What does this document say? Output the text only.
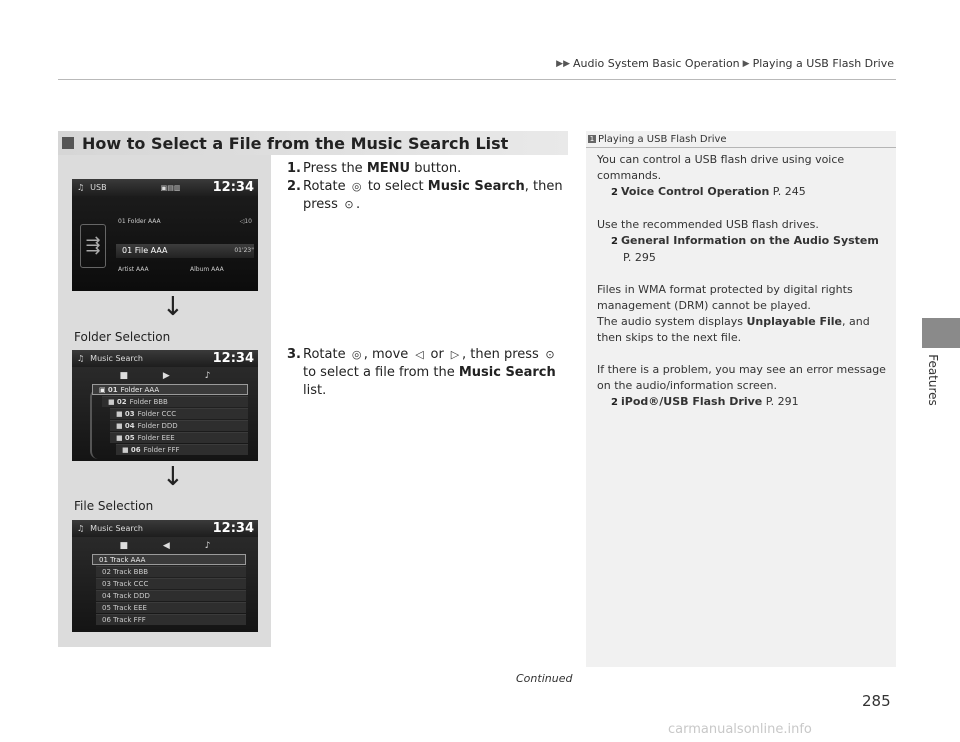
▶▶ Audio System Basic Operation ▶ Playing a USB Flash Drive
Features
How to Select a File from the Music Search List
♫ USB	▣▤▥ 12:34
⇶
◁10
01 Folder AAA
01 File AAA	01'23"
Artist AAA	Album AAA
↓
Folder Selection
♫ Music Search	12:34
■	▶	♪
▣ 01 Folder AAA
■ 02 Folder BBB
■ 03 Folder CCC
■ 04 Folder DDD
■ 05 Folder EEE
■ 06 Folder FFF
↓
File Selection
♫ Music Search	12:34
■	◀	♪
01 Track AAA
02 Track BBB
03 Track CCC
04 Track DDD
05 Track EEE
06 Track FFF
1. Press the MENU button.
2. Rotate ◎ to select Music Search, then press ⊙ .
3. Rotate ◎ , move ◁ or ▷ , then press ⊙ to select a file from the Music Search list.
1 Playing a USB Flash Drive
You can control a USB flash drive using voice commands.
2 Voice Control Operation P. 245
Use the recommended USB flash drives.
2 General Information on the Audio System
P. 295
Files in WMA format protected by digital rights management (DRM) cannot be played.
The audio system displays Unplayable File, and then skips to the next file.
If there is a problem, you may see an error message on the audio/information screen.
2 iPod®/USB Flash Drive P. 291
Continued
285
carmanualsonline.info
